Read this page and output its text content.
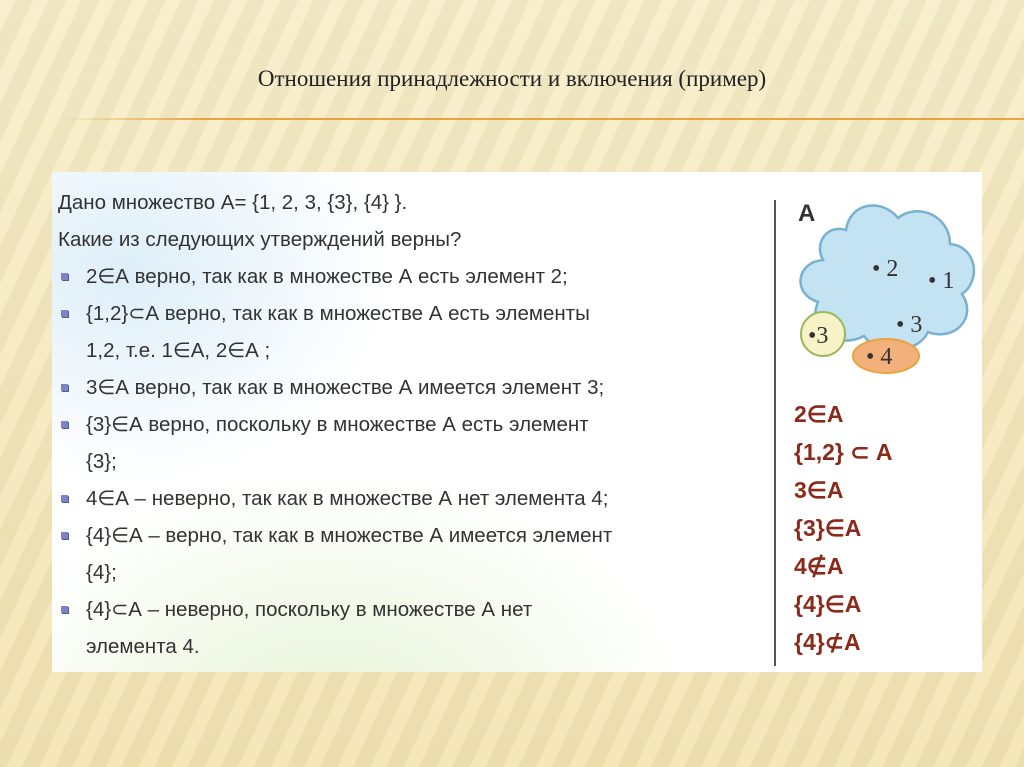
Отношения принадлежности и включения (пример)
Дано множество А= {1, 2, 3, {3}, {4} }.
Какие из следующих утверждений верны?
2∈А верно, так как в множестве А есть элемент 2;
{1,2}⊂А верно, так как в множестве А есть элементы
1,2, т.е. 1∈А, 2∈А ;
3∈А верно, так как в множестве А имеется элемент 3;
{3}∈А верно, поскольку в множестве А есть элемент
{3};
4∈А – неверно, так как в множестве А нет элемента 4;
{4}∈А – верно, так как в множестве А имеется элемент
{4};
{4}⊂А – неверно, поскольку в множестве А нет
элемента 4.
• 2 • 1
• 3
•3
• 4
А
2∈А
{1,2} ⊂ А
3∈А
{3}∈А
4∉А
{4}∈А
{4}⊄А
